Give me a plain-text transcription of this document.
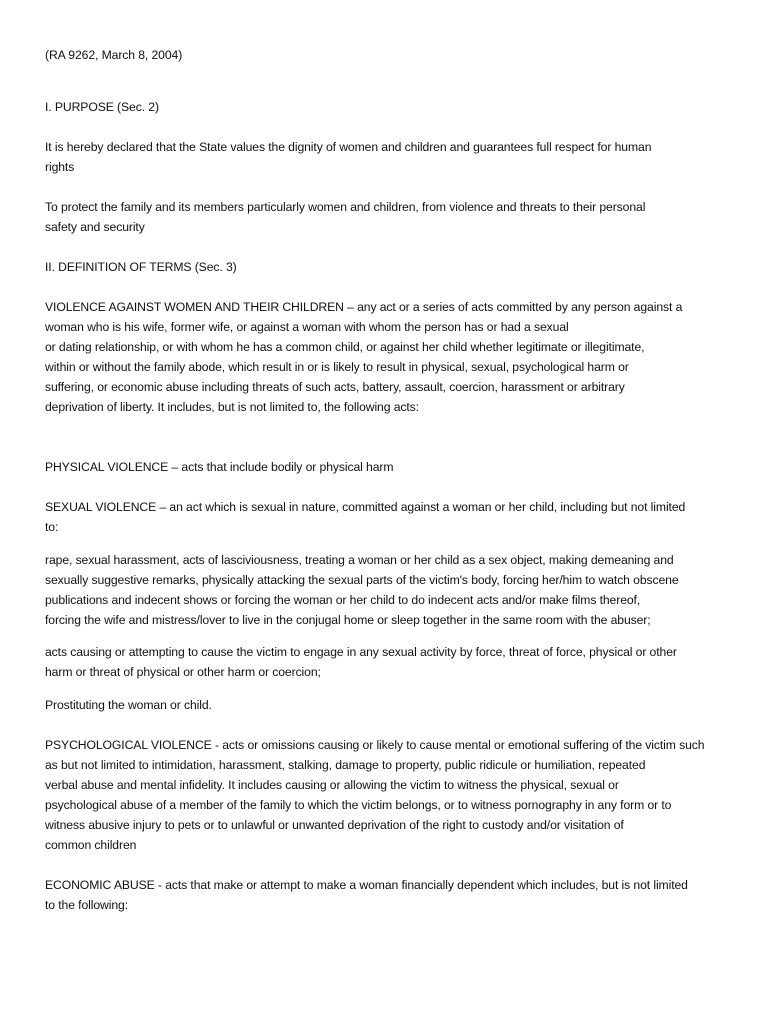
(RA 9262, March 8, 2004)

I. PURPOSE (Sec. 2)

It is hereby declared that the State values the dignity of women and children and guarantees full respect for human
rights

To protect the family and its members particularly women and children, from violence and threats to their personal
safety and security

II. DEFINITION OF TERMS (Sec. 3)

VIOLENCE AGAINST WOMEN AND THEIR CHILDREN – any act or a series of acts committed by any person against a
woman who is his wife, former wife, or against a woman with whom the person has or had a sexual
or dating relationship, or with whom he has a common child, or against her child whether legitimate or illegitimate,
within or without the family abode, which result in or is likely to result in physical, sexual, psychological harm or
suffering, or economic abuse including threats of such acts, battery, assault, coercion, harassment or arbitrary
deprivation of liberty. It includes, but is not limited to, the following acts:

PHYSICAL VIOLENCE – acts that include bodily or physical harm

SEXUAL VIOLENCE – an act which is sexual in nature, committed against a woman or her child, including but not limited
to:

rape, sexual harassment, acts of lasciviousness, treating a woman or her child as a sex object, making demeaning and
sexually suggestive remarks, physically attacking the sexual parts of the victim's body, forcing her/him to watch obscene
publications and indecent shows or forcing the woman or her child to do indecent acts and/or make films thereof,
forcing the wife and mistress/lover to live in the conjugal home or sleep together in the same room with the abuser;

acts causing or attempting to cause the victim to engage in any sexual activity by force, threat of force, physical or other
harm or threat of physical or other harm or coercion;

Prostituting the woman or child.

PSYCHOLOGICAL VIOLENCE - acts or omissions causing or likely to cause mental or emotional suffering of the victim such
as but not limited to intimidation, harassment, stalking, damage to property, public ridicule or humiliation, repeated
verbal abuse and mental infidelity. It includes causing or allowing the victim to witness the physical, sexual or
psychological abuse of a member of the family to which the victim belongs, or to witness pornography in any form or to
witness abusive injury to pets or to unlawful or unwanted deprivation of the right to custody and/or visitation of
common children

ECONOMIC ABUSE - acts that make or attempt to make a woman financially dependent which includes, but is not limited
to the following:
